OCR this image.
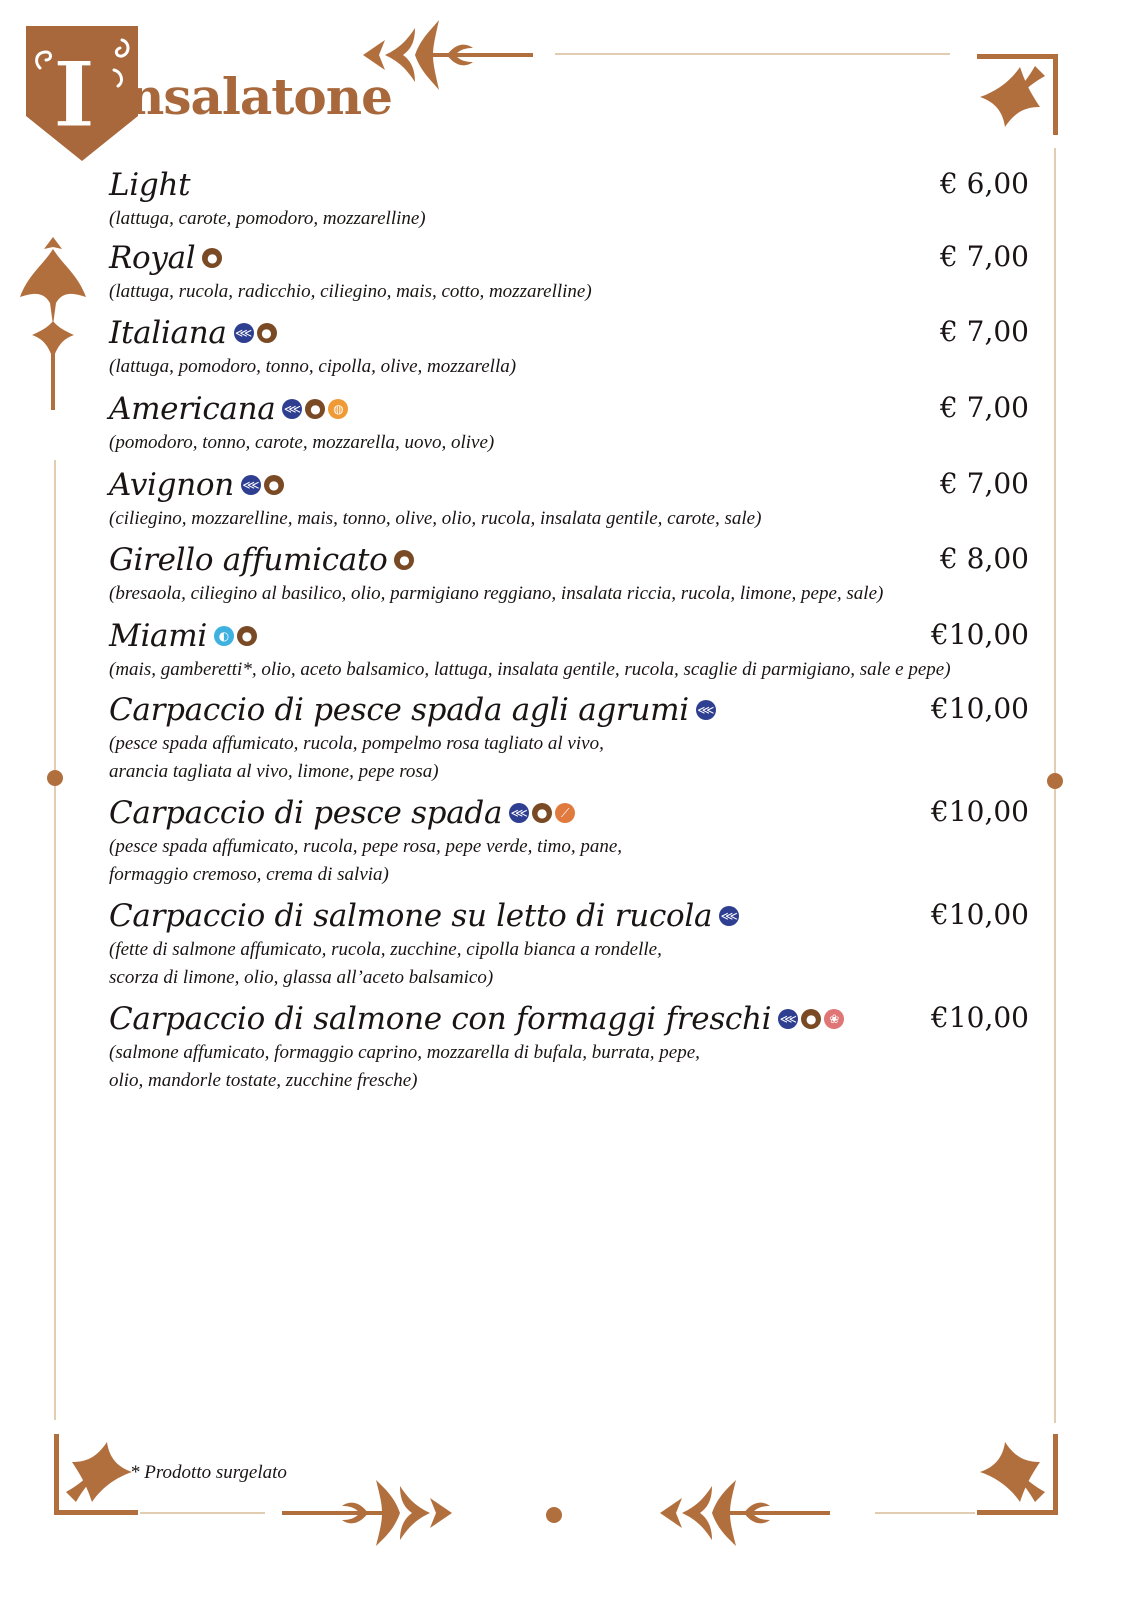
I nsalatone
Light	€ 6,00
(lattuga, carote, pomodoro, mozzarelline)
Royal ●	€ 7,00
(lattuga, rucola, radicchio, ciliegino, mais, cotto, mozzarelline)
Italiana ⋘ ●	€ 7,00
(lattuga, pomodoro, tonno, cipolla, olive, mozzarella)
Americana ⋘ ●	◍	€ 7,00
(pomodoro, tonno, carote, mozzarella, uovo, olive)
Avignon ⋘ ●	€ 7,00
(ciliegino, mozzarelline, mais, tonno, olive, olio, rucola, insalata gentile, carote, sale)
Girello affumicato ●	€ 8,00
(bresaola, ciliegino al basilico, olio, parmigiano reggiano, insalata riccia, rucola, limone, pepe, sale)
Miami ◐	●	€10,00
(mais, gamberetti*, olio, aceto balsamico, lattuga, insalata gentile, rucola, scaglie di parmigiano, sale e pepe)
Carpaccio di pesce spada agli agrumi ⋘	€10,00
(pesce spada affumicato, rucola, pompelmo rosa tagliato al vivo,
arancia tagliata al vivo, limone, pepe rosa)
Carpaccio di pesce spada ⋘ ●	⟋	€10,00
(pesce spada affumicato, rucola, pepe rosa, pepe verde, timo, pane,
formaggio cremoso, crema di salvia)
Carpaccio di salmone su letto di rucola ⋘	€10,00
(fette di salmone affumicato, rucola, zucchine, cipolla bianca a rondelle,
scorza di limone, olio, glassa all’aceto balsamico)
Carpaccio di salmone con formaggi freschi ⋘ ●	❀	€10,00
(salmone affumicato, formaggio caprino, mozzarella di bufala, burrata, pepe,
olio, mandorle tostate, zucchine fresche)
* Prodotto surgelato
